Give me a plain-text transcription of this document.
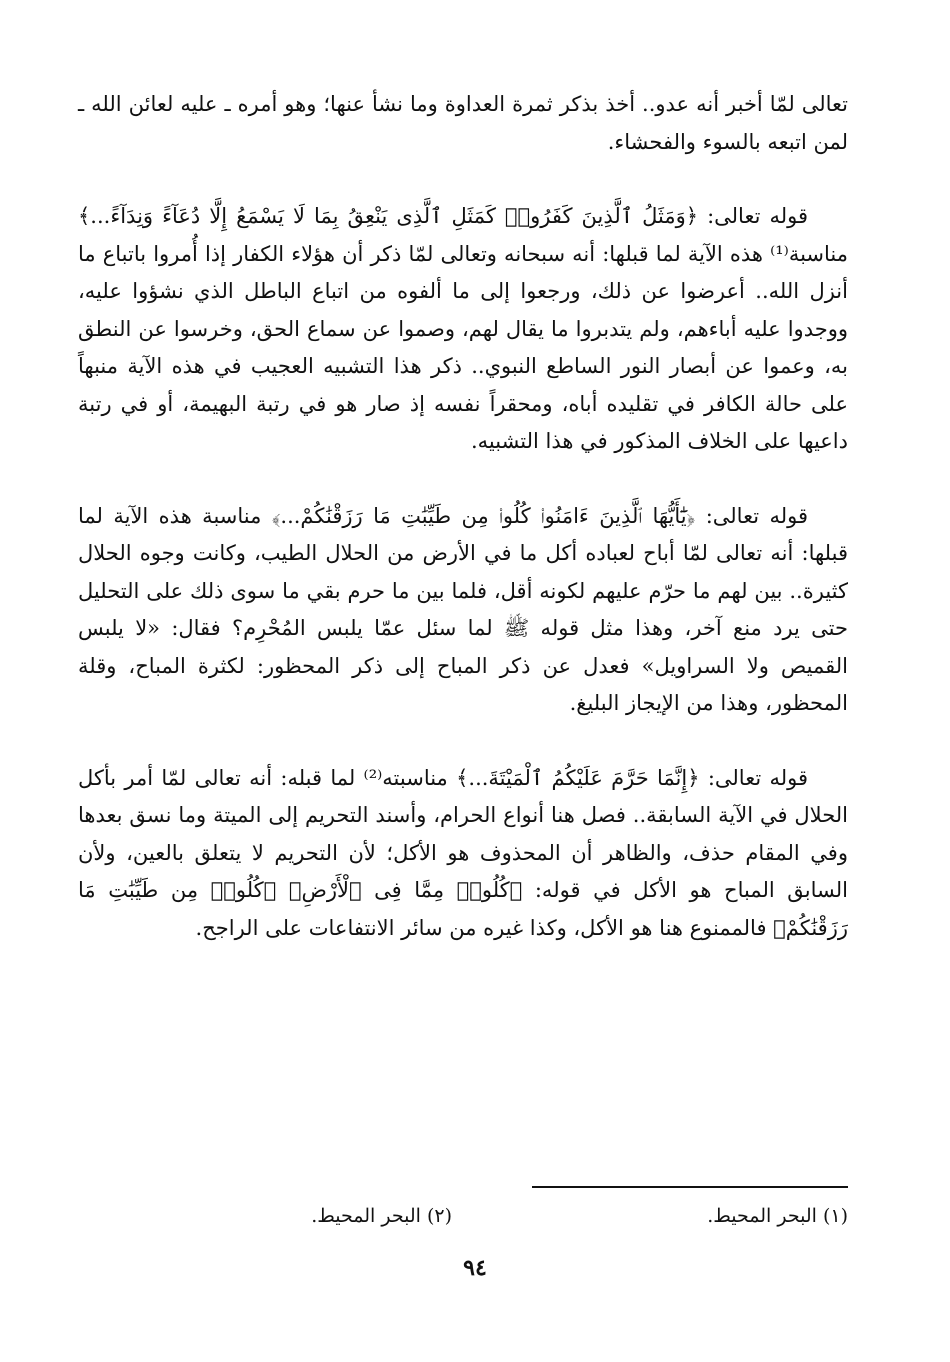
تعالى لمّا أخبر أنه عدو.. أخذ بذكر ثمرة العداوة وما نشأ عنها؛ وهو أمره ـ عليه لعائن الله ـ لمن اتبعه بالسوء والفحشاء.

قوله تعالى: ﴿وَمَثَلُ ٱلَّذِينَ كَفَرُوا۟ كَمَثَلِ ٱلَّذِى يَنْعِقُ بِمَا لَا يَسْمَعُ إِلَّا دُعَآءً وَنِدَآءً...﴾ مناسبة⁽¹⁾ هذه الآية لما قبلها: أنه سبحانه وتعالى لمّا ذكر أن هؤلاء الكفار إذا أُمروا باتباع ما أنزل الله.. أعرضوا عن ذلك، ورجعوا إلى ما ألفوه من اتباع الباطل الذي نشؤوا عليه، ووجدوا عليه أباءهم، ولم يتدبروا ما يقال لهم، وصموا عن سماع الحق، وخرسوا عن النطق به، وعموا عن أبصار النور الساطع النبوي.. ذكر هذا التشبيه العجيب في هذه الآية منبهاً على حالة الكافر في تقليده أباه، ومحقراً نفسه إذ صار هو في رتبة البهيمة، أو في رتبة داعيها على الخلاف المذكور في هذا التشبيه.

قوله تعالى: ﴿يَٰٓأَيُّهَا ٱلَّذِينَ ءَامَنُوا۟ كُلُوا۟ مِن طَيِّبَٰتِ مَا رَزَقْنَٰكُمْ...﴾ مناسبة هذه الآية لما قبلها: أنه تعالى لمّا أباح لعباده أكل ما في الأرض من الحلال الطيب، وكانت وجوه الحلال كثيرة.. بين لهم ما حرّم عليهم لكونه أقل، فلما بين ما حرم بقي ما سوى ذلك على التحليل حتى يرد منع آخر، وهذا مثل قوله ﷺ لما سئل عمّا يلبس المُحْرِم؟ فقال: «لا يلبس القميص ولا السراويل» فعدل عن ذكر المباح إلى ذكر المحظور: لكثرة المباح، وقلة المحظور، وهذا من الإيجاز البليغ.

قوله تعالى: ﴿إِنَّمَا حَرَّمَ عَلَيْكُمُ ٱلْمَيْتَةَ...﴾ مناسبته⁽²⁾ لما قبله: أنه تعالى لمّا أمر بأكل الحلال في الآية السابقة.. فصل هنا أنواع الحرام، وأسند التحريم إلى الميتة وما نسق بعدها وفي المقام حذف، والظاهر أن المحذوف هو الأكل؛ لأن التحريم لا يتعلق بالعين، ولأن السابق المباح هو الأكل في قوله: ﴿كُلُوا۟ مِمَّا فِى ٱلْأَرْضِ﴾ ﴿كُلُوا۟ مِن طَيِّبَٰتِ مَا رَزَقْنَٰكُمْ﴾ فالممنوع هنا هو الأكل، وكذا غيره من سائر الانتفاعات على الراجح.

(١) البحر المحيط.
(٢) البحر المحيط.
٩٤
